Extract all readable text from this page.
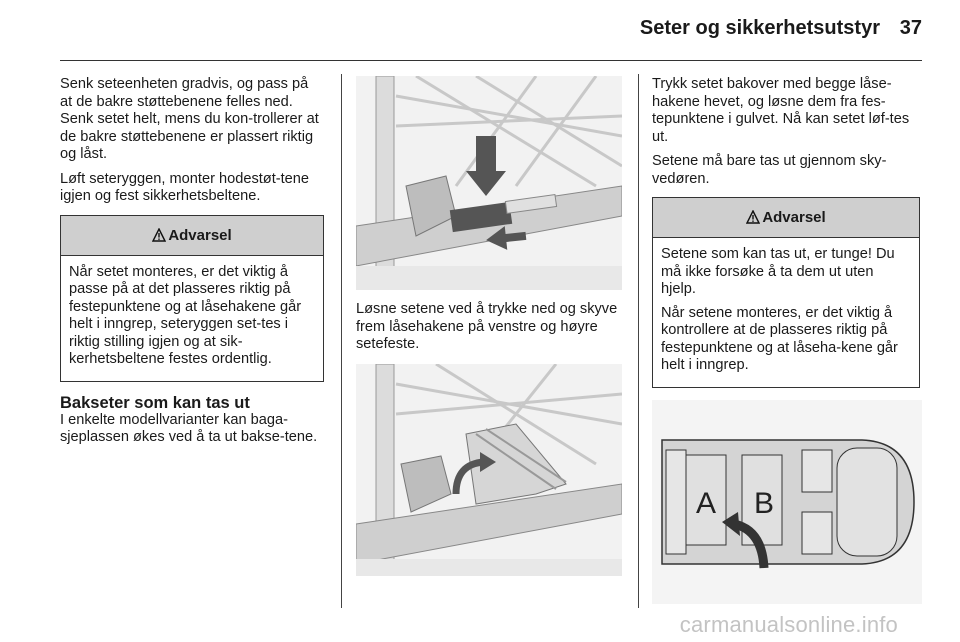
Seter og sikkerhetsutstyr 37

Senk seteenheten gradvis, og pass på at de bakre støttebenene felles ned. Senk setet helt, mens du kon-trollerer at de bakre støttebenene er plassert riktig og låst.

Løft seteryggen, monter hodestøt-tene igjen og fest sikkerhetsbeltene.

Advarsel

Når setet monteres, er det viktig å passe på at det plasseres riktig på festepunktene og at låsehakene går helt i inngrep, seteryggen set-tes i riktig stilling igjen og at sik-kerhetsbeltene festes ordentlig.

Bakseter som kan tas ut

I enkelte modellvarianter kan baga-sjeplassen økes ved å ta ut bakse-tene.

Løsne setene ved å trykke ned og skyve frem låsehakene på venstre og høyre setefeste.

Trykk setet bakover med begge låse-hakene hevet, og løsne dem fra fes-tepunktene i gulvet. Nå kan setet løf-tes ut.

Setene må bare tas ut gjennom sky-vedøren.

Advarsel

Setene som kan tas ut, er tunge! Du må ikke forsøke å ta dem ut uten hjelp.

Når setene monteres, er det viktig å kontrollere at de plasseres riktig på festepunktene og at låseha-kene går helt i inngrep.

A B
carmanualsonline.info
